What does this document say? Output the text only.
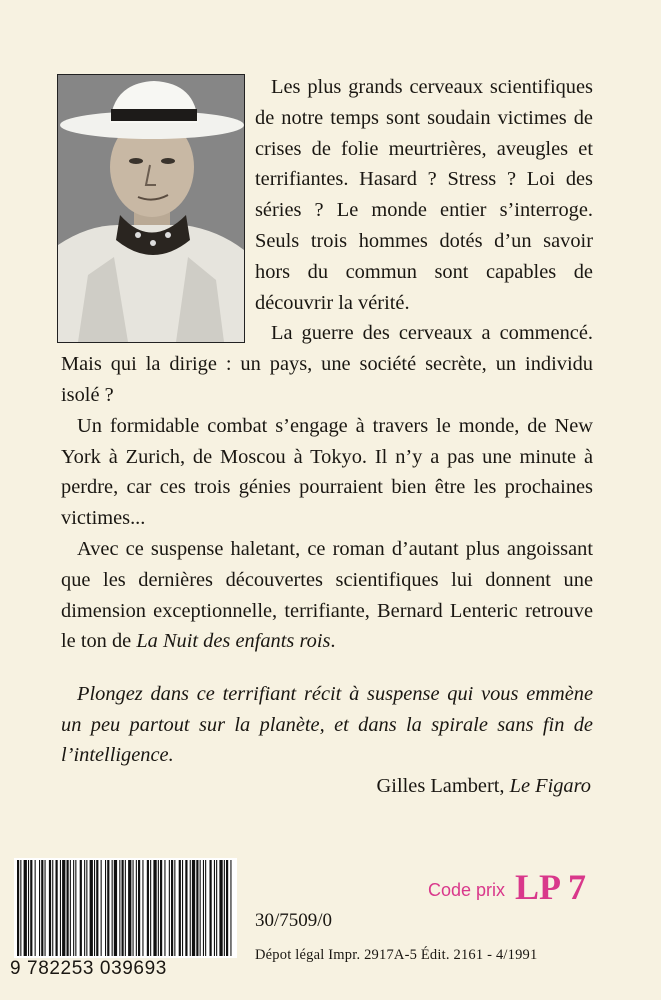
Les plus grands cerveaux scientifiques de notre temps sont soudain victimes de crises de folie meurtrières, aveugles et terrifiantes. Hasard ? Stress ? Loi des séries ? Le monde entier s’interroge. Seuls trois hommes dotés d’un savoir hors du commun sont capables de découvrir la vérité.

La guerre des cerveaux a commencé. Mais qui la dirige : un pays, une société secrète, un individu isolé ?

Un formidable combat s’engage à travers le monde, de New York à Zurich, de Moscou à Tokyo. Il n’y a pas une minute à perdre, car ces trois génies pourraient bien être les prochaines victimes...

Avec ce suspense haletant, ce roman d’autant plus angoissant que les dernières découvertes scientifiques lui donnent une dimension exceptionnelle, terrifiante, Bernard Lenteric retrouve le ton de La Nuit des enfants rois.

Plongez dans ce terrifiant récit à suspense qui vous emmène un peu partout sur la planète, et dans la spirale sans fin de l’intelligence.
Gilles Lambert, Le Figaro
9 782253 039693
Code prix LP 7
30/7509/0
Dépot légal Impr. 2917A-5 Édit. 2161 - 4/1991
